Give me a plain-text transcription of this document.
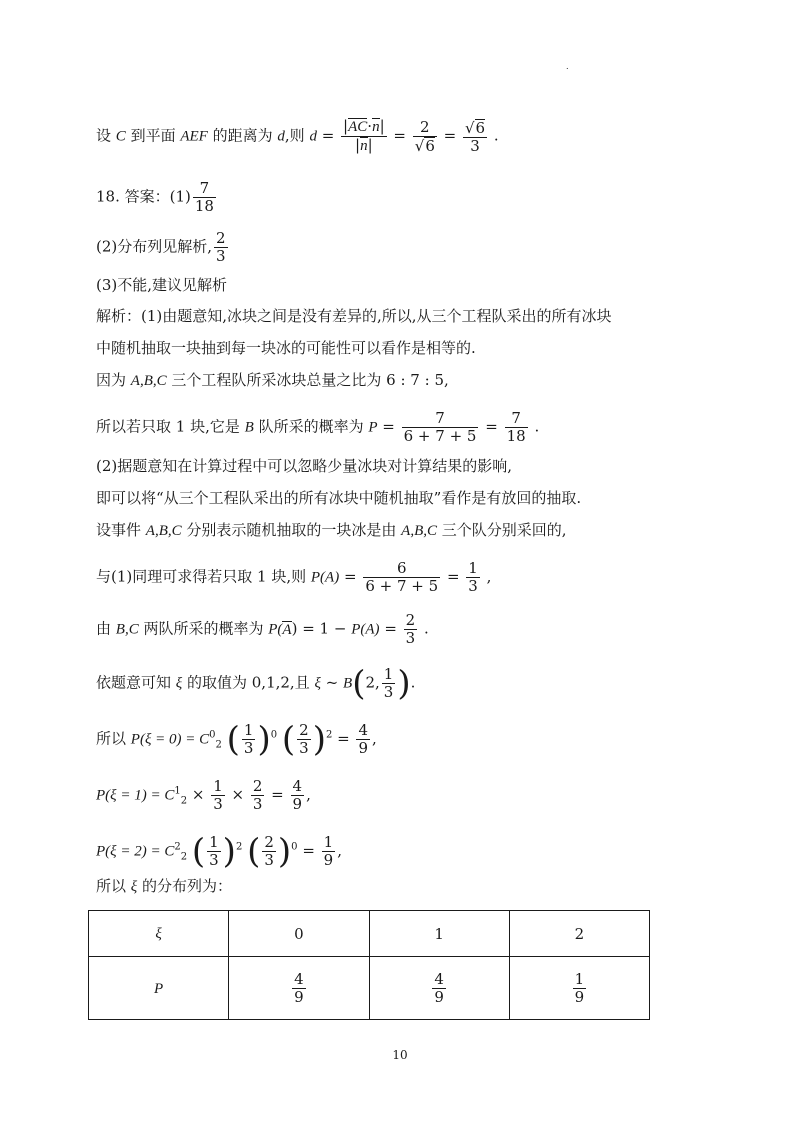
.
设 C 到平面 AEF 的距离为 d,则 $d = \frac{|AC\cdot n|}{|n|} = \frac{2}{√6} = \frac{√6}{3}$ .
18. 答案：$(1) \frac{7}{18}$
(2)分布列见解析, $\frac{2}{3}$
(3)不能,建议见解析
解析：(1)由题意知,冰块之间是没有差异的,所以,从三个工程队采出的所有冰块
中随机抽取一块抽到每一块冰的可能性可以看作是相等的.
因为 A,B,C 三个工程队所采冰块总量之比为 6 : 7 : 5,
所以若只取 1 块,它是 B 队所采的概率为 $P = \frac{7}{6 + 7 + 5} = \frac{7}{18}$ .
(2)据题意知在计算过程中可以忽略少量冰块对计算结果的影响,
即可以将“从三个工程队采出的所有冰块中随机抽取”看作是有放回的抽取.
设事件 A,B,C 分别表示随机抽取的一块冰是由 A,B,C 三个队分别采回的,
与(1)同理可求得若只取 1 块,则 $P(A) = \frac{6}{6 + 7 + 5} = \frac{1}{3}$ ,
由 B,C 两队所采的概率为 $P(A) = 1 - P(A) = \frac{2}{3}$ .
依题意可知 ξ 的取值为 0,1,2,且 ξ ~ B(2, $\frac{1}{3}$ ).
所以 $P(\xi = 0) = C^0_2$ ( $\frac{1}{3} )^0$ ( $\frac{2}{3} )^2 = \frac{4}{9}$ ,
$P(\xi = 1) = C^1_2 \times \frac{1}{3} \times \frac{2}{3} = \frac{4}{9}$ ,
$P(\xi = 2) = C^2_2$ ( $\frac{1}{3} )^2$ ( $\frac{2}{3} )^0 = \frac{1}{9}$ ,
所以 ξ 的分布列为：
ξ	0	1	2
P	$\frac{4}{9}$	$\frac{4}{9}$	$\frac{1}{9}$
10
